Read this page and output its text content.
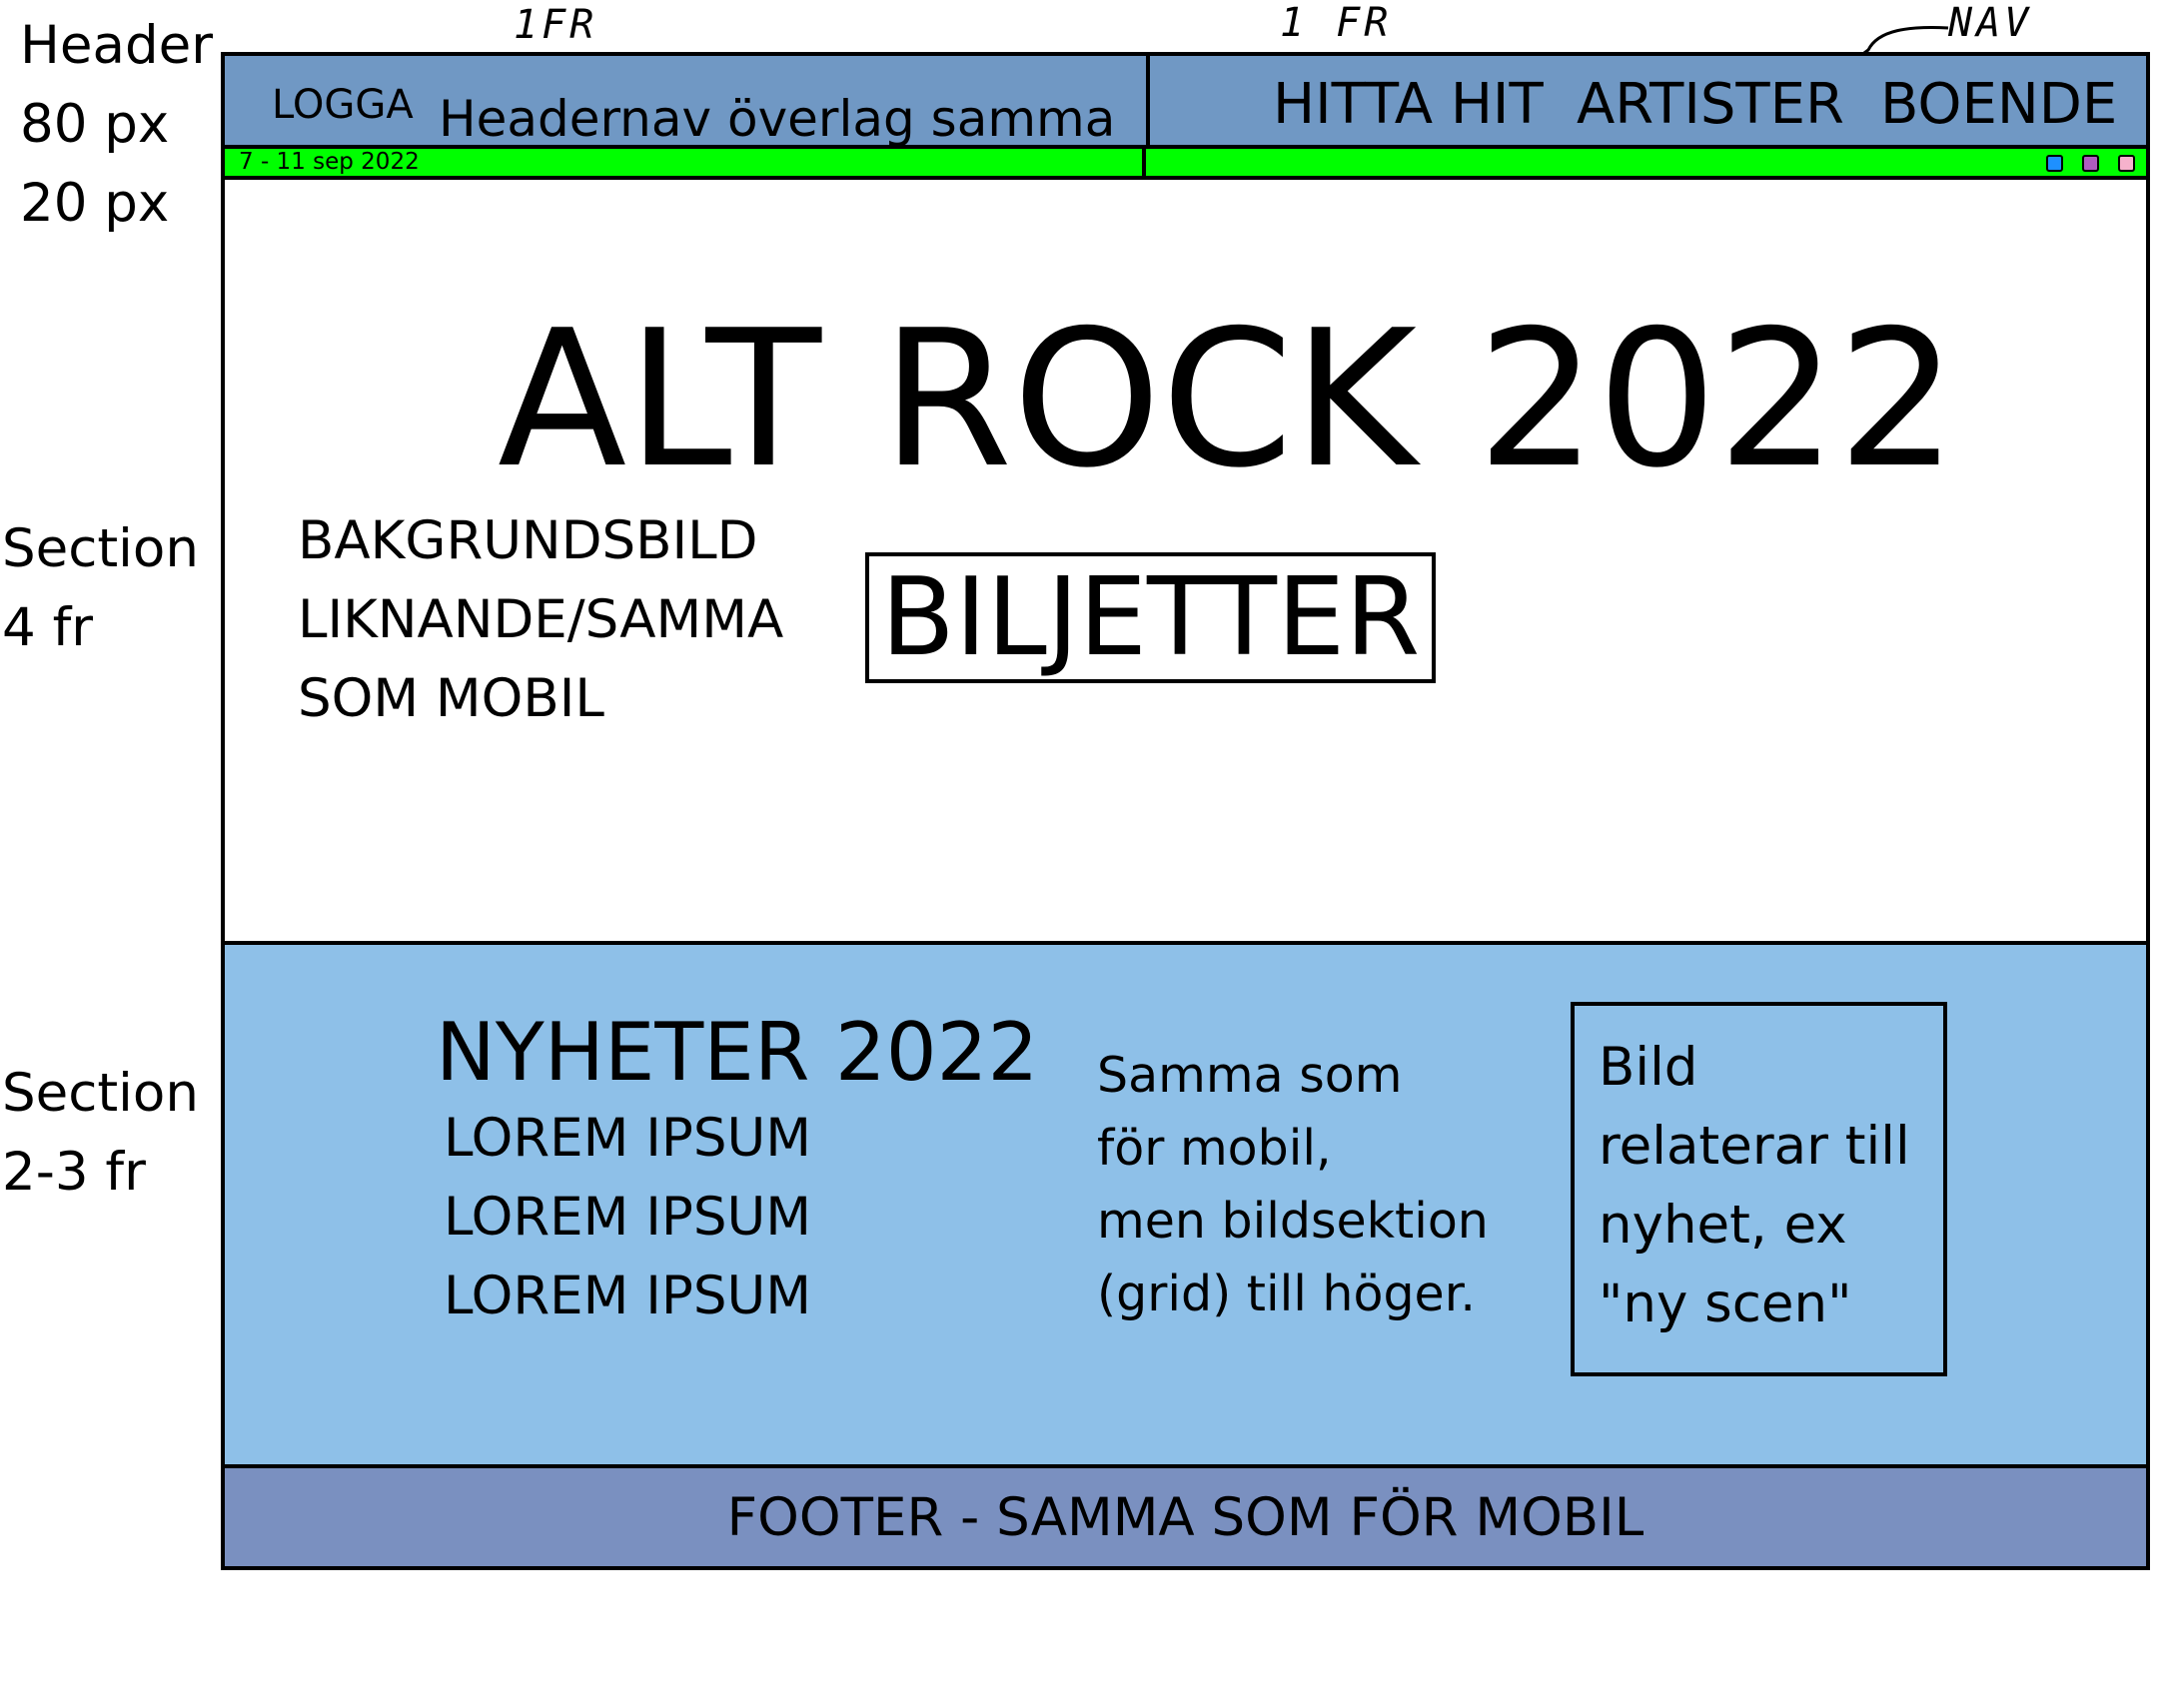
Header
80 px
20 px
Section
4 fr
Section
2-3 fr
1FR	1 FR	NAV
LOGGA Headernav överlag samma	HITTA HIT ARTISTER BOENDE
7 - 11 sep 2022
ALT ROCK 2022
BAKGRUNDSBILD
LIKNANDE/SAMMA
SOM MOBIL
BILJETTER
NYHETER 2022
LOREM IPSUM
LOREM IPSUM
LOREM IPSUM
Samma som
för mobil,
men bildsektion
(grid) till höger.
Bild relaterar till nyhet, ex "ny scen"
FOOTER - SAMMA SOM FÖR MOBIL
